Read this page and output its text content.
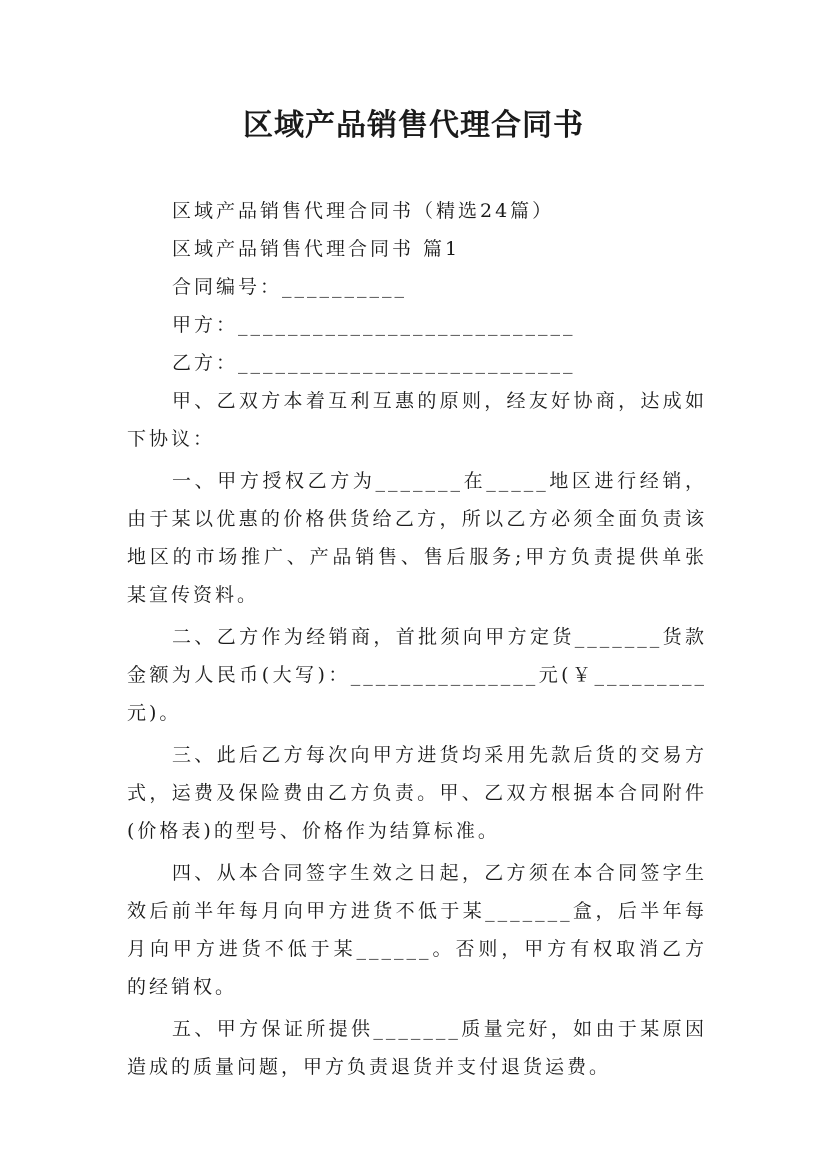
区域产品销售代理合同书

区域产品销售代理合同书（精选24篇）

区域产品销售代理合同书 篇1

合同编号：__________

甲方：___________________________

乙方：___________________________

甲、乙双方本着互利互惠的原则，经友好协商，达成如下协议：

一、甲方授权乙方为_______在_____地区进行经销，由于某以优惠的价格供货给乙方，所以乙方必须全面负责该地区的市场推广、产品销售、售后服务;甲方负责提供单张某宣传资料。

二、乙方作为经销商，首批须向甲方定货_______货款金额为人民币(大写)：_______________元(￥_________元)。

三、此后乙方每次向甲方进货均采用先款后货的交易方式，运费及保险费由乙方负责。甲、乙双方根据本合同附件(价格表)的型号、价格作为结算标准。

四、从本合同签字生效之日起，乙方须在本合同签字生效后前半年每月向甲方进货不低于某_______盒，后半年每月向甲方进货不低于某______。否则，甲方有权取消乙方的经销权。

五、甲方保证所提供_______质量完好，如由于某原因造成的质量问题，甲方负责退货并支付退货运费。
